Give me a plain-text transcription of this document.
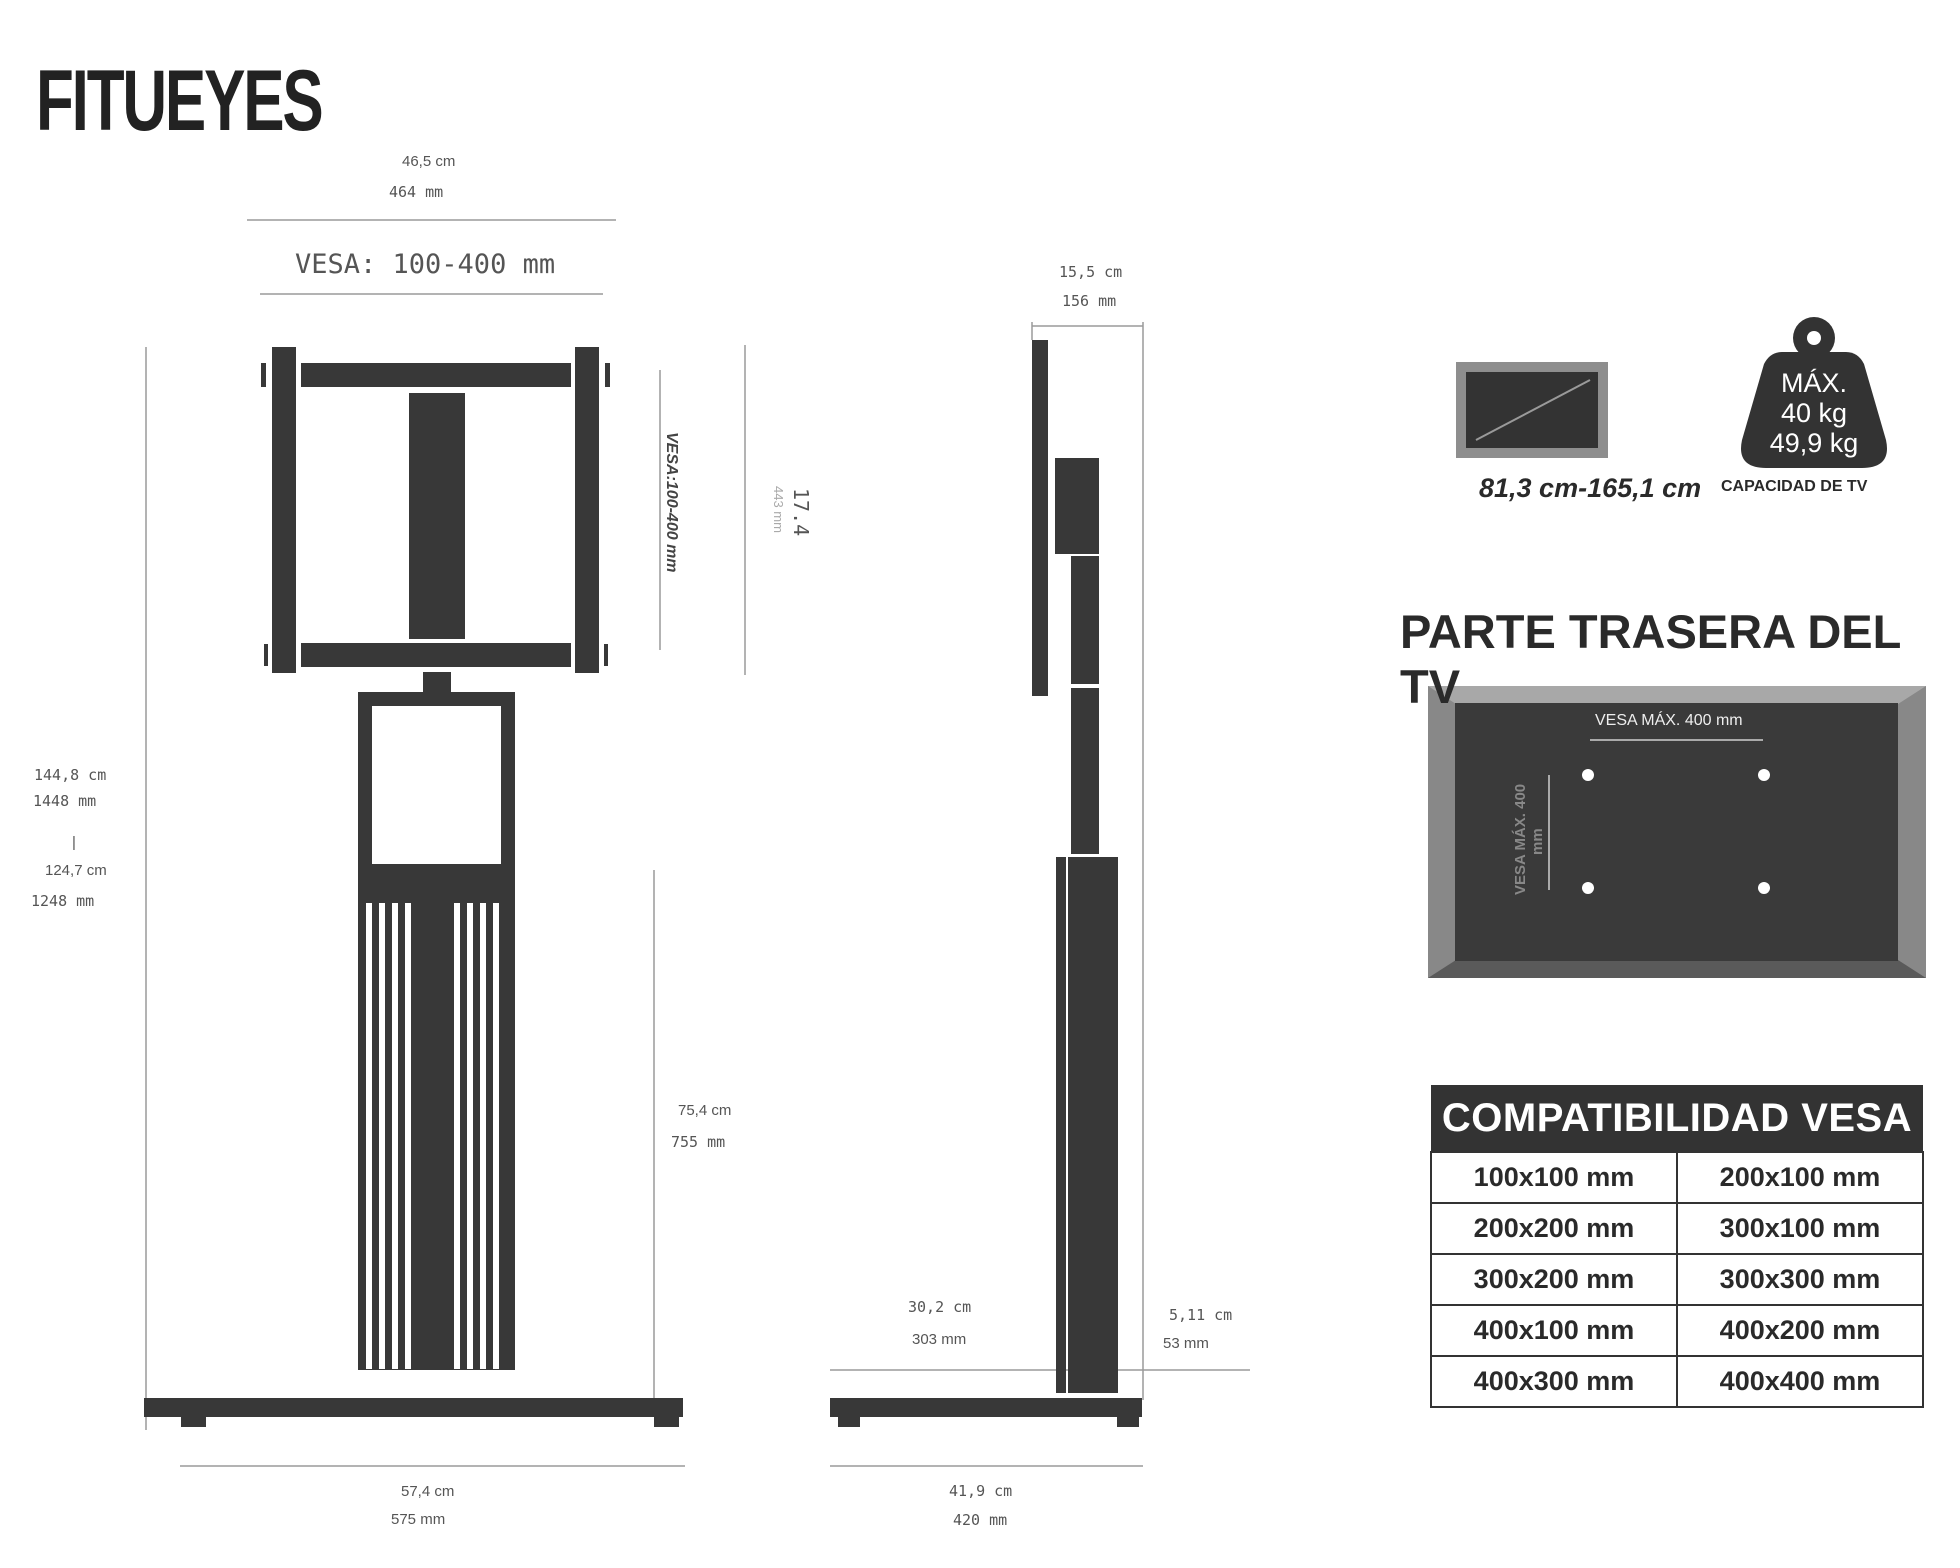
FITUEYES
46,5 cm
464 mm
VESA: 100-400 mm
144,8 cm
1448 mm
|
124,7 cm
1248 mm
75,4 cm
755 mm
57,4 cm
575 mm
VESA:100-400 mm	17.4
443 mm
15,5 cm
156 mm
30,2 cm
303 mm
5,11 cm
53 mm
41,9 cm
420 mm
81,3 cm-165,1 cm CAPACIDAD DE TV
MÁX.
40 kg
49,9 kg
PARTE TRASERA DEL TV
VESA MÁX. 400 mm
VESA MÁX. 400 mm
COMPATIBILIDAD VESA	
100x100 mm	200x100 mm
200x200 mm	300x100 mm
300x200 mm	300x300 mm
400x100 mm	400x200 mm
400x300 mm	400x400 mm
